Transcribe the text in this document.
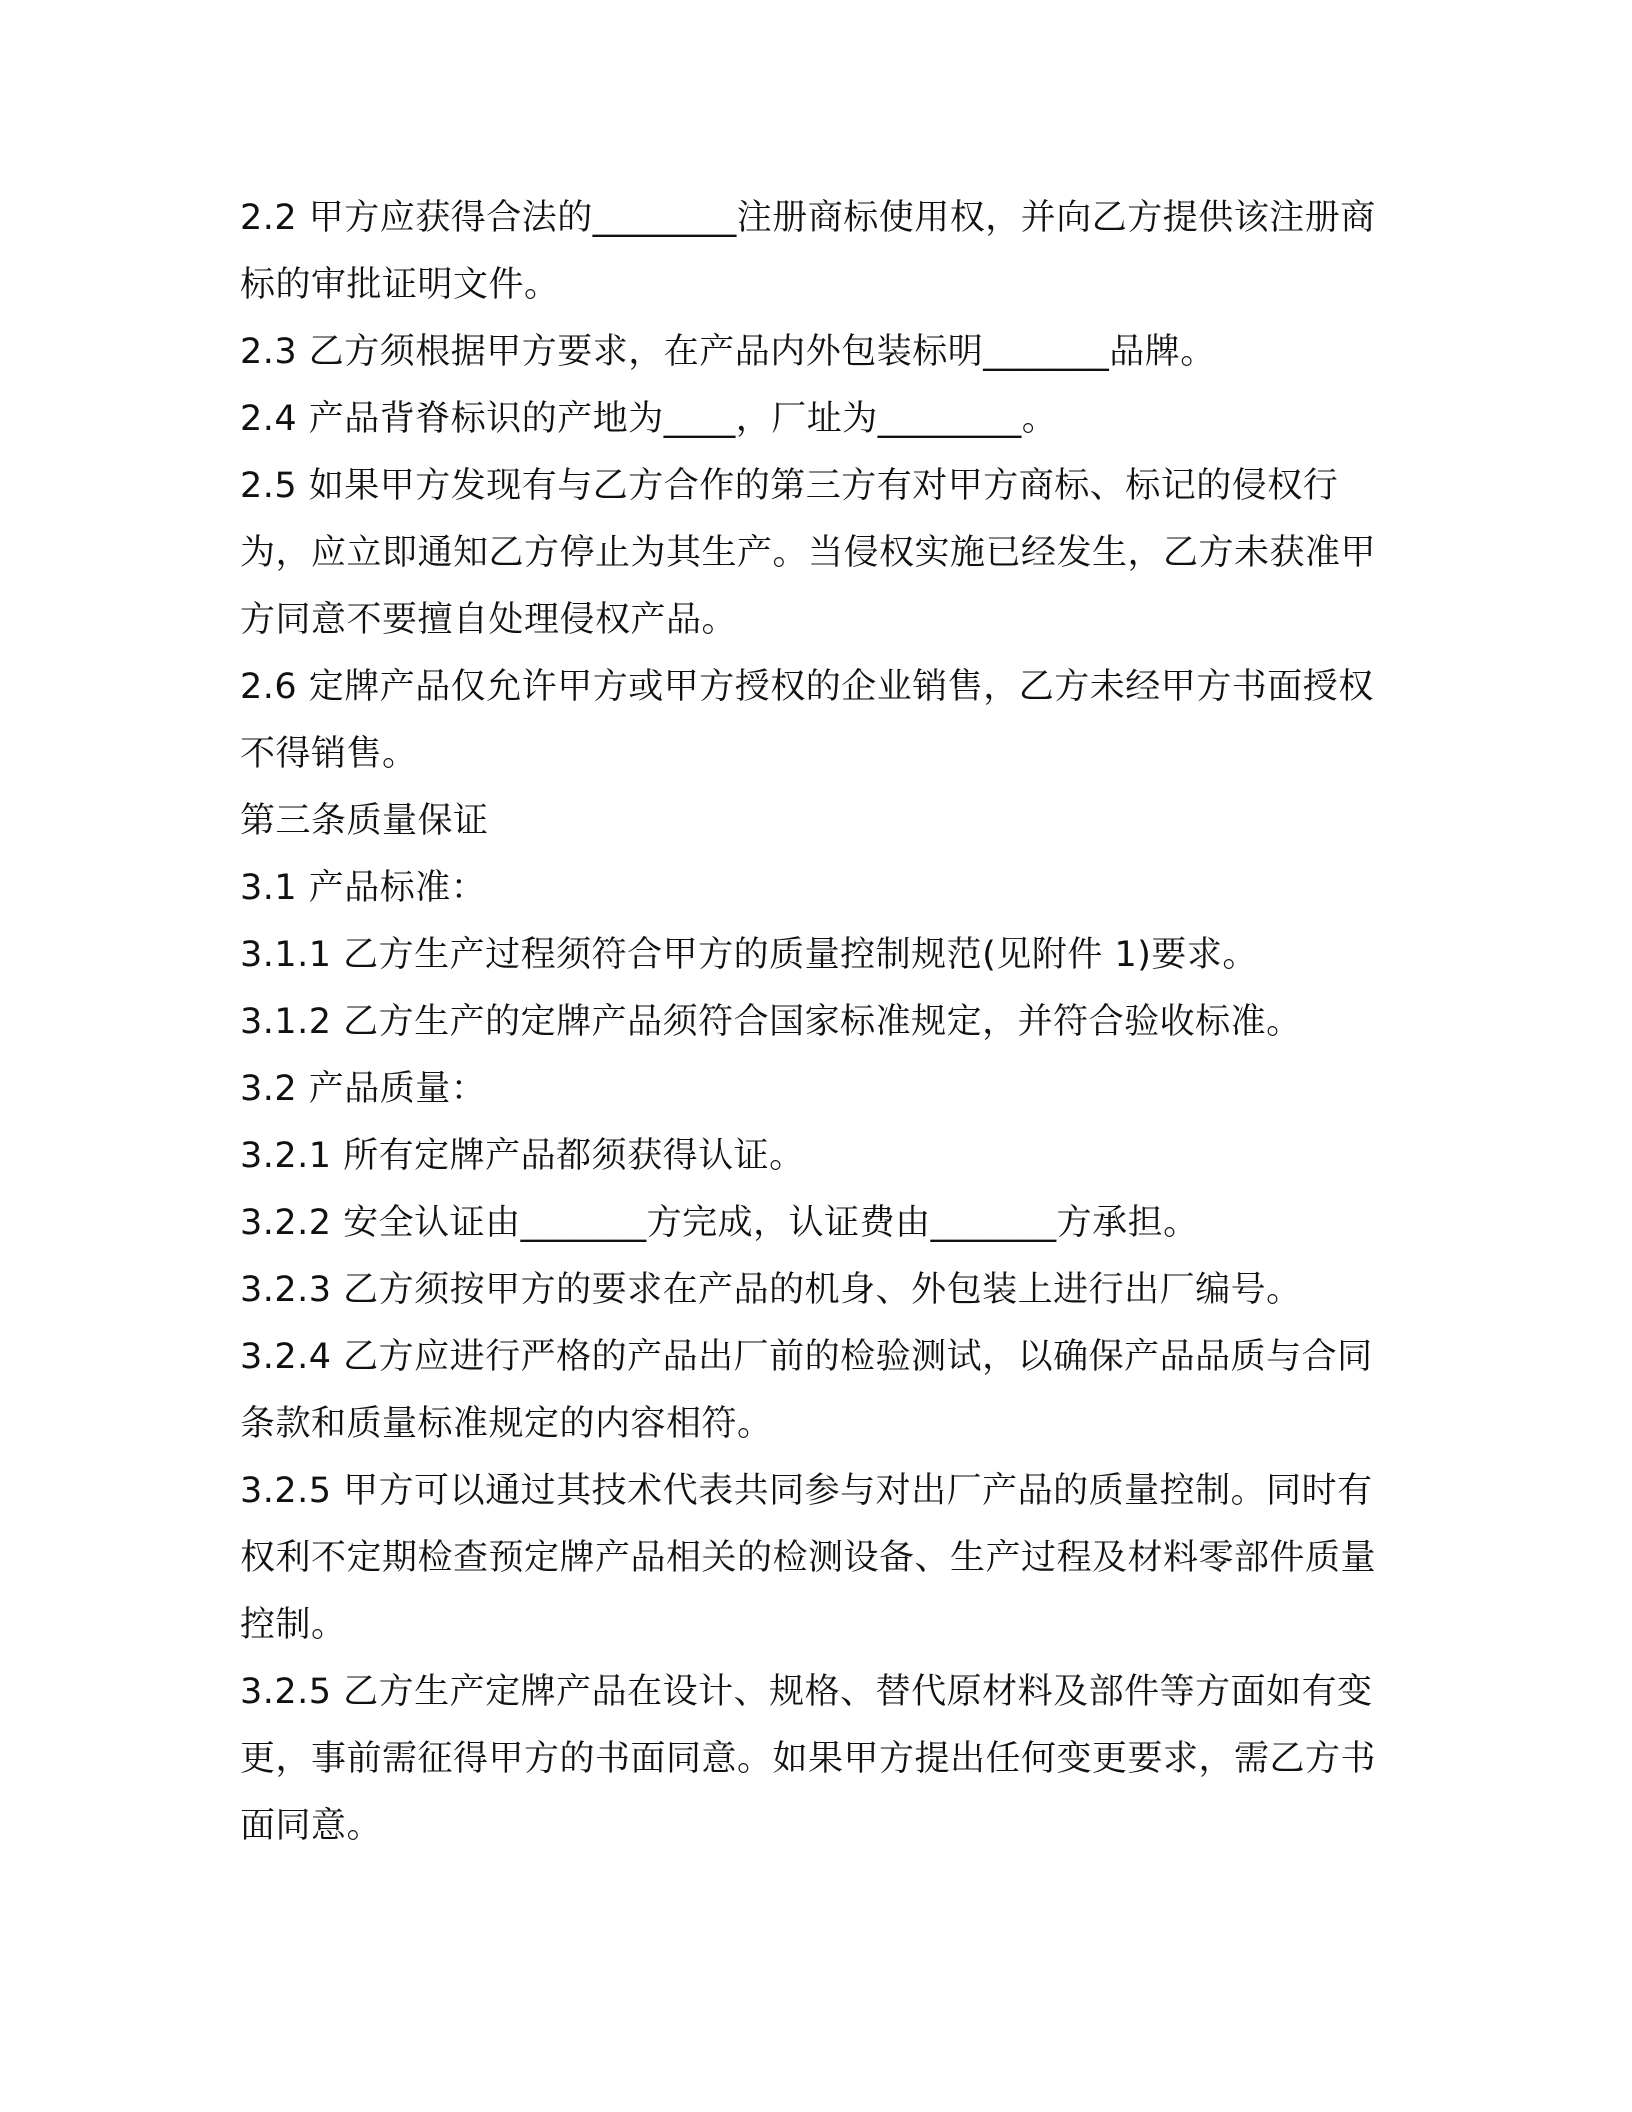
2.2 甲方应获得合法的________注册商标使用权，并向乙方提供该注册商标的审批证明文件。

2.3 乙方须根据甲方要求，在产品内外包装标明_______品牌。

2.4 产品背脊标识的产地为____，厂址为________。

2.5 如果甲方发现有与乙方合作的第三方有对甲方商标、标记的侵权行为，应立即通知乙方停止为其生产。当侵权实施已经发生，乙方未获准甲方同意不要擅自处理侵权产品。

2.6 定牌产品仅允许甲方或甲方授权的企业销售，乙方未经甲方书面授权不得销售。

第三条质量保证

3.1 产品标准：

3.1.1 乙方生产过程须符合甲方的质量控制规范(见附件 1)要求。

3.1.2 乙方生产的定牌产品须符合国家标准规定，并符合验收标准。

3.2 产品质量：

3.2.1 所有定牌产品都须获得认证。

3.2.2 安全认证由_______方完成，认证费由_______方承担。

3.2.3 乙方须按甲方的要求在产品的机身、外包装上进行出厂编号。

3.2.4 乙方应进行严格的产品出厂前的检验测试，以确保产品品质与合同条款和质量标准规定的内容相符。

3.2.5 甲方可以通过其技术代表共同参与对出厂产品的质量控制。同时有权利不定期检查预定牌产品相关的检测设备、生产过程及材料零部件质量控制。

3.2.5 乙方生产定牌产品在设计、规格、替代原材料及部件等方面如有变更，事前需征得甲方的书面同意。如果甲方提出任何变更要求，需乙方书面同意。
